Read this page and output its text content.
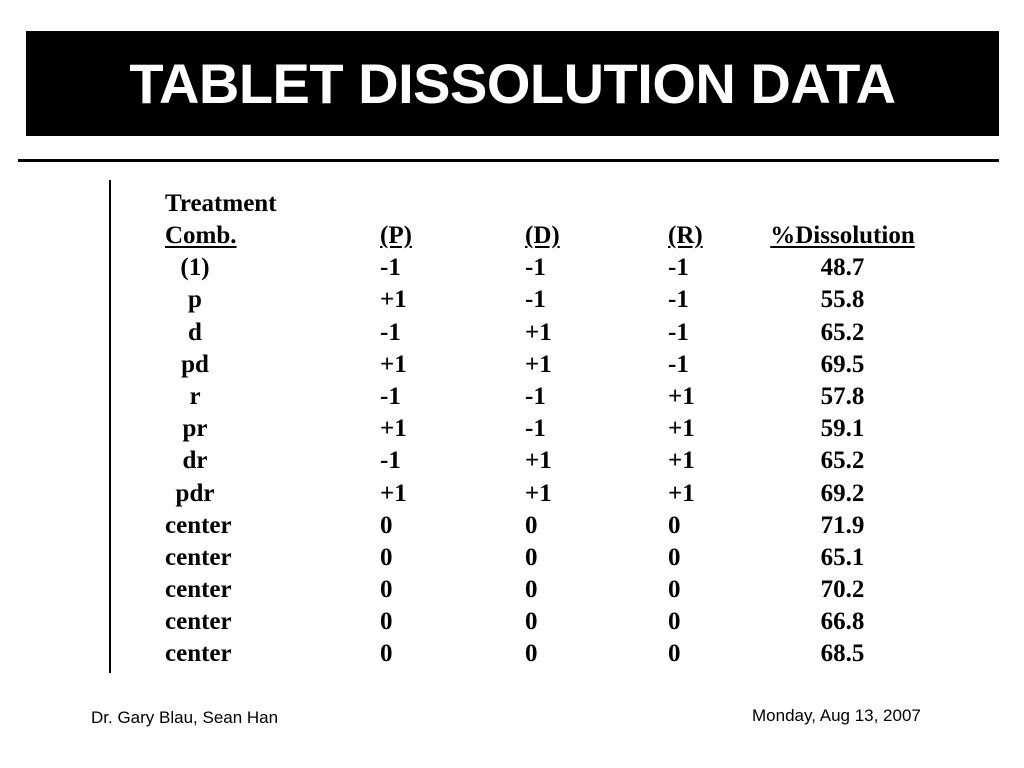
TABLET DISSOLUTION DATA
Treatment
Comb.	(P)	(D)	(R)	%Dissolution
(1)	-1	-1	-1	48.7
p	+1	-1	-1	55.8
d	-1	+1	-1	65.2
pd	+1	+1	-1	69.5
r	-1	-1	+1	57.8
pr	+1	-1	+1	59.1
dr	-1	+1	+1	65.2
pdr	+1	+1	+1	69.2
center	0	0	0	71.9
center	0	0	0	65.1
center	0	0	0	70.2
center	0	0	0	66.8
center	0	0	0	68.5
Dr. Gary Blau, Sean Han	Monday, Aug 13, 2007
